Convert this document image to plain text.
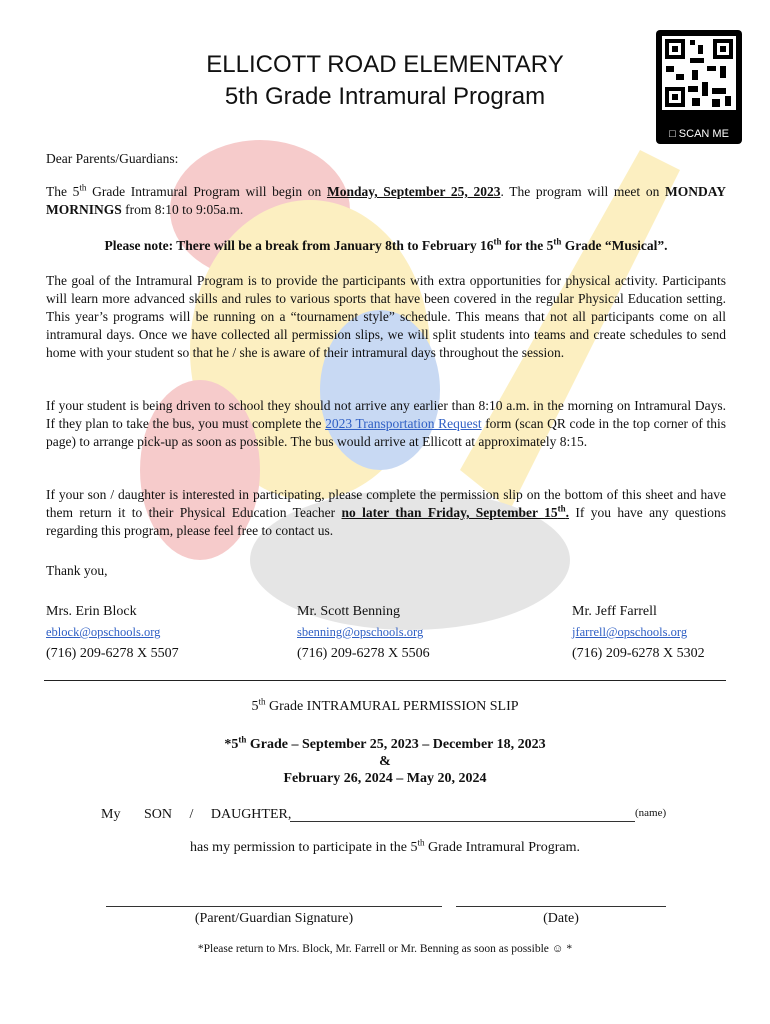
ELLICOTT ROAD ELEMENTARY
5th Grade Intramural Program
□ SCAN ME
Dear Parents/Guardians:
The 5th Grade Intramural Program will begin on Monday, September 25, 2023. The program will meet on MONDAY MORNINGS from 8:10 to 9:05a.m.
Please note: There will be a break from January 8th to February 16th for the 5th Grade “Musical”.
The goal of the Intramural Program is to provide the participants with extra opportunities for physical activity. Participants will learn more advanced skills and rules to various sports that have been covered in the regular Physical Education setting. This year’s programs will be running on a “tournament style” schedule. This means that not all participants come on all intramural days. Once we have collected all permission slips, we will split students into teams and create schedules to send home with your student so that he / she is aware of their intramural days throughout the session.
If your student is being driven to school they should not arrive any earlier than 8:10 a.m. in the morning on Intramural Days. If they plan to take the bus, you must complete the 2023 Transportation Request form (scan QR code in the top corner of this page) to arrange pick-up as soon as possible. The bus would arrive at Ellicott at approximately 8:15.
If your son / daughter is interested in participating, please complete the permission slip on the bottom of this sheet and have them return it to their Physical Education Teacher no later than Friday, September 15th. If you have any questions regarding this program, please feel free to contact us.
Thank you,
Mrs. Erin Block
eblock@opschools.org
(716) 209-6278 X 5507
Mr. Scott Benning
sbenning@opschools.org
(716) 209-6278 X 5506
Mr. Jeff Farrell
jfarrell@opschools.org
(716) 209-6278 X 5302
5th Grade INTRAMURAL PERMISSION SLIP
*5th Grade – September 25, 2023 – December 18, 2023
&
February 26, 2024 – May 20, 2024
My SON / DAUGHTER,	(name)
has my permission to participate in the 5th Grade Intramural Program.
(Parent/Guardian Signature)	(Date)
*Please return to Mrs. Block, Mr. Farrell or Mr. Benning as soon as possible ☺ *
